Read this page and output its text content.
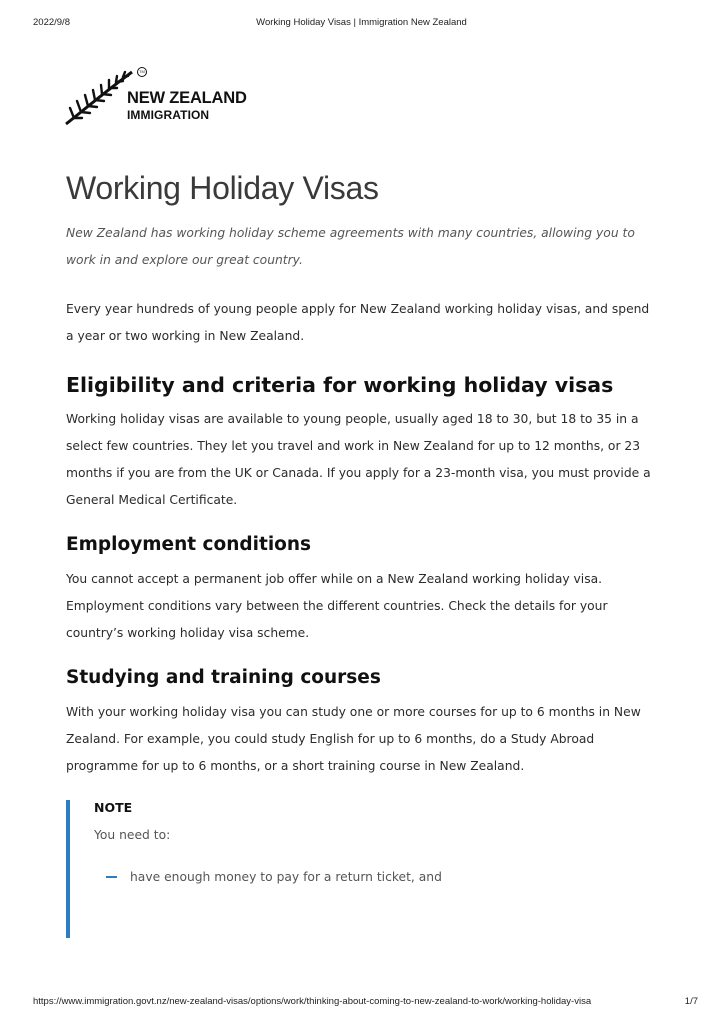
2022/9/8	Working Holiday Visas | Immigration New Zealand
TM
NEW ZEALAND
IMMIGRATION
Working Holiday Visas

New Zealand has working holiday scheme agreements with many countries, allowing you to work in and explore our great country.

Every year hundreds of young people apply for New Zealand working holiday visas, and spend a year or two working in New Zealand.

Eligibility and criteria for working holiday visas

Working holiday visas are available to young people, usually aged 18 to 30, but 18 to 35 in a select few countries. They let you travel and work in New Zealand for up to 12 months, or 23 months if you are from the UK or Canada. If you apply for a 23-month visa, you must provide a General Medical Certificate.

Employment conditions

You cannot accept a permanent job offer while on a New Zealand working holiday visa. Employment conditions vary between the different countries. Check the details for your country’s working holiday visa scheme.

Studying and training courses

With your working holiday visa you can study one or more courses for up to 6 months in New Zealand. For example, you could study English for up to 6 months, do a Study Abroad programme for up to 6 months, or a short training course in New Zealand.

NOTE
You need to:
have enough money to pay for a return ticket, and
https://www.immigration.govt.nz/new-zealand-visas/options/work/thinking-about-coming-to-new-zealand-to-work/working-holiday-visa	1/7
